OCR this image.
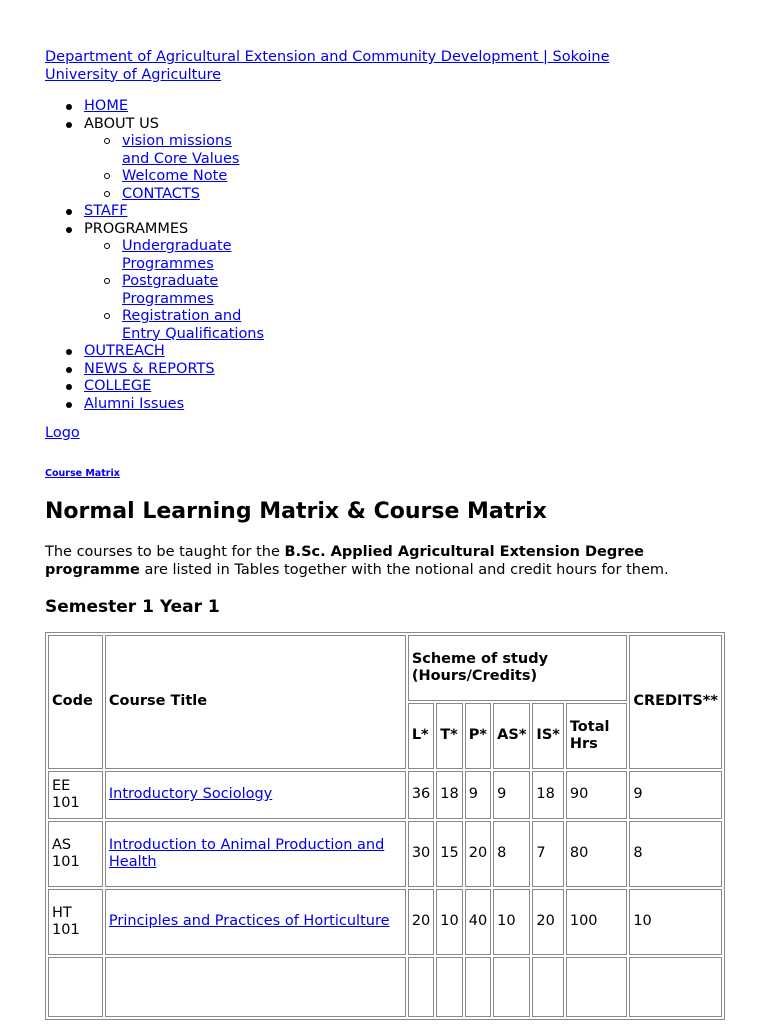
Department of Agricultural Extension and Community Development | Sokoine University of Agriculture
HOME
ABOUT US
vision missions and Core Values
Welcome Note
CONTACTS
STAFF
PROGRAMMES
Undergraduate Programmes
Postgraduate Programmes
Registration and Entry Qualifications
OUTREACH
NEWS & REPORTS
COLLEGE
Alumni Issues
Logo
Course Matrix
Normal Learning Matrix & Course Matrix

The courses to be taught for the B.Sc. Applied Agricultural Extension Degree programme are listed in Tables together with the notional and credit hours for them.

Semester 1 Year 1
Code	Course Title	Scheme of study (Hours/Credits)						CREDITS**
		L*	T*	P*	AS*	IS*	Total Hrs	
EE 101	Introductory Sociology	36	18	9	9	18	90	9
AS 101	Introduction to Animal Production and Health	30	15	20	8	7	80	8
HT 101	Principles and Practices of Horticulture	20	10	40	10	20	100	10
